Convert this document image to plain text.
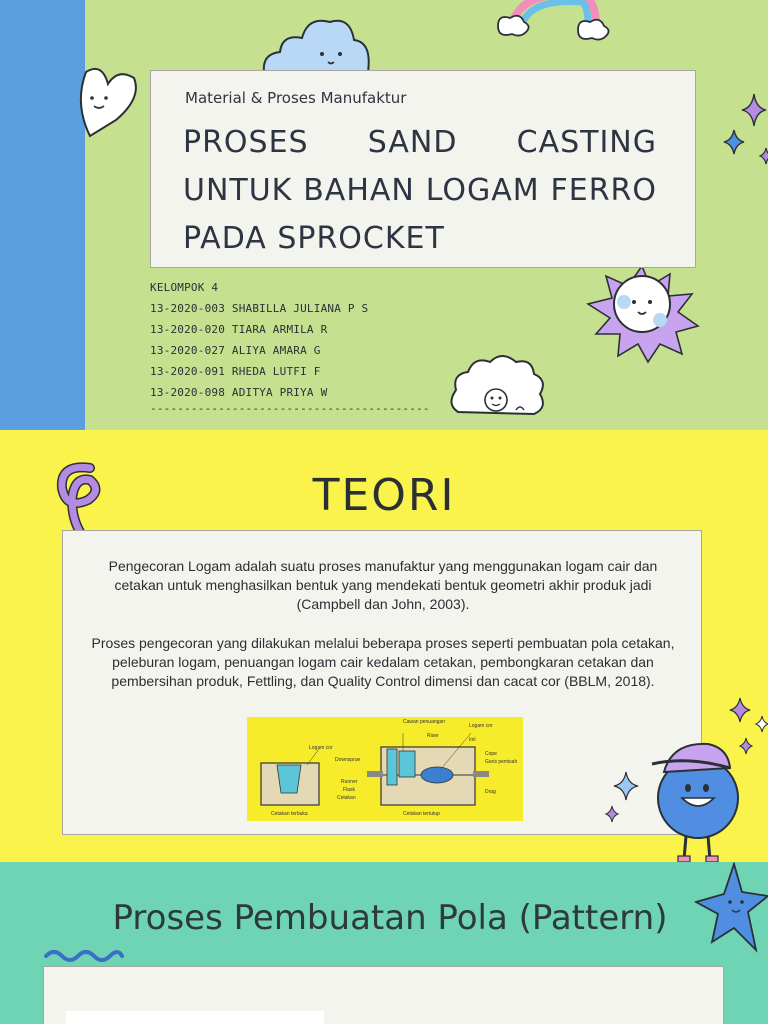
Material & Proses Manufaktur
PROSES SAND CASTING UNTUK BAHAN LOGAM FERRO PADA SPROCKET
KELOMPOK 4
13-2020-003 SHABILLA JULIANA P S
13-2020-020 TIARA ARMILA R
13-2020-027 ALIYA AMARA G
13-2020-091 RHEDA LUTFI F
13-2020-098 ADITYA PRIYA W
-----------------------------------------
TEORI
Pengecoran Logam adalah suatu proses manufaktur yang menggunakan logam cair dan cetakan untuk menghasilkan bentuk yang mendekati bentuk geometri akhir produk jadi (Campbell dan John, 2003).
Proses pengecoran yang dilakukan melalui beberapa proses seperti pembuatan pola cetakan, peleburan logam, penuangan logam cair kedalam cetakan, pembongkaran cetakan dan pembersihan produk, Fettling, dan Quality Control dimensi dan cacat cor (BBLM, 2018).
Cawan penuangan
Logam cor
Riser
Inti
Logam cor
Downsprue
Cope
Garis pemisah
Runner
Flask
Cetakan
Drag
Cetakan terbuka	Cetakan tertutup
Proses Pembuatan Pola (Pattern)
